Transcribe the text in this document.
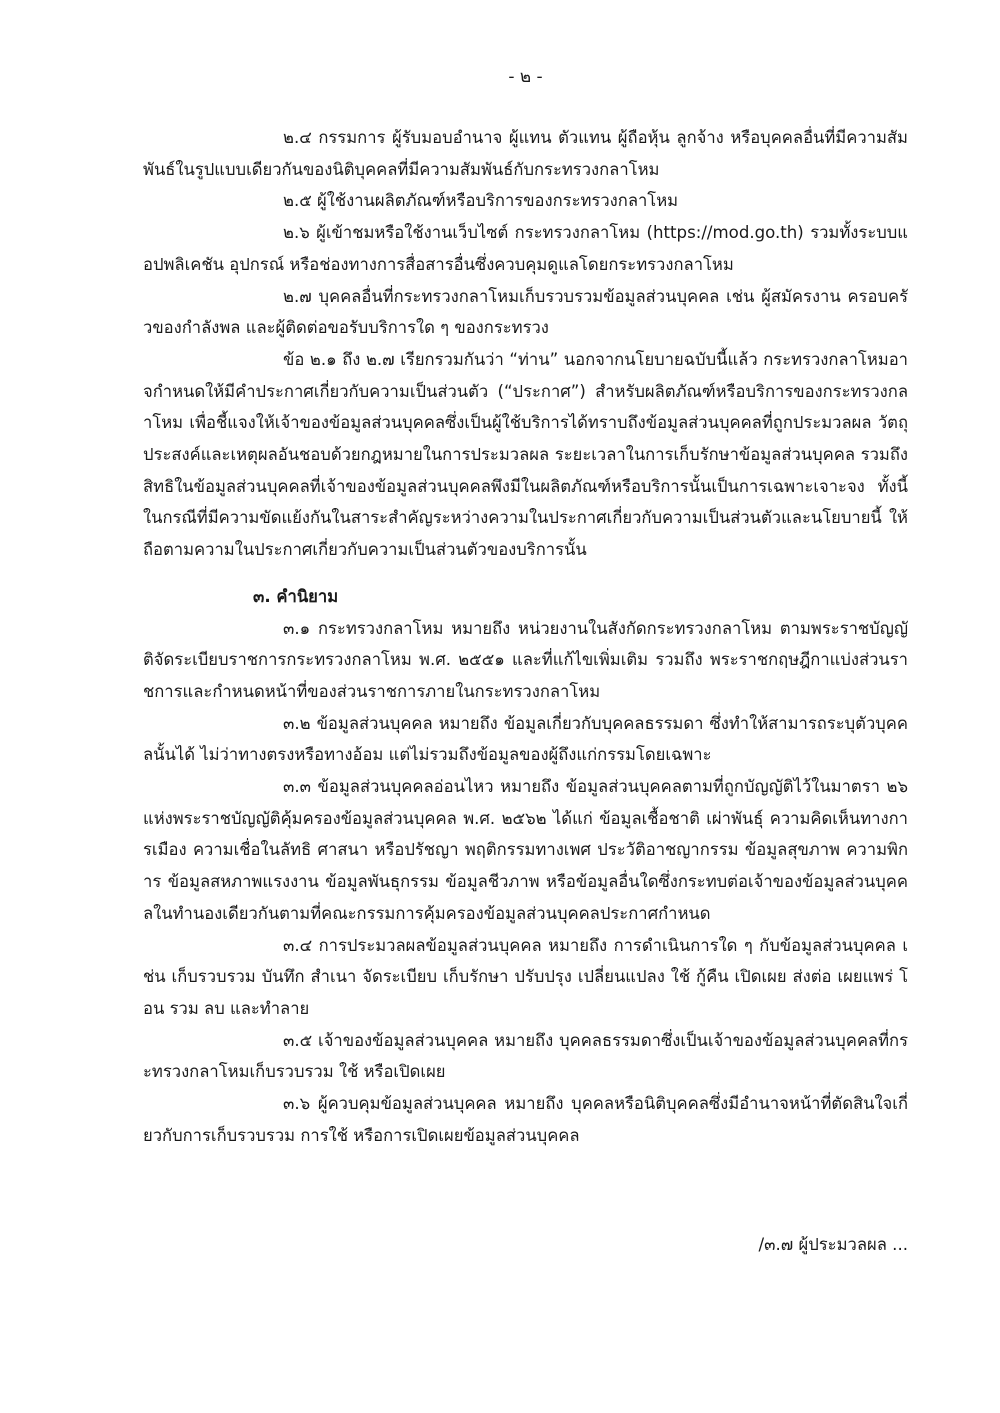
- ๒ -

๒.๔ กรรมการ ผู้รับมอบอำนาจ ผู้แทน ตัวแทน ผู้ถือหุ้น ลูกจ้าง หรือบุคคลอื่นที่มีความสัมพันธ์ในรูปแบบเดียวกันของนิติบุคคลที่มีความสัมพันธ์กับกระทรวงกลาโหม

๒.๕ ผู้ใช้งานผลิตภัณฑ์หรือบริการของกระทรวงกลาโหม

๒.๖ ผู้เข้าชมหรือใช้งานเว็บไซต์ กระทรวงกลาโหม (https://mod.go.th) รวมทั้งระบบแอปพลิเคชัน อุปกรณ์ หรือช่องทางการสื่อสารอื่นซึ่งควบคุมดูแลโดยกระทรวงกลาโหม

๒.๗ บุคคลอื่นที่กระทรวงกลาโหมเก็บรวบรวมข้อมูลส่วนบุคคล เช่น ผู้สมัครงาน ครอบครัวของกำลังพล และผู้ติดต่อขอรับบริการใด ๆ ของกระทรวง

ข้อ ๒.๑ ถึง ๒.๗ เรียกรวมกันว่า “ท่าน” นอกจากนโยบายฉบับนี้แล้ว กระทรวงกลาโหมอาจกำหนดให้มีคำประกาศเกี่ยวกับความเป็นส่วนตัว (“ประกาศ”) สำหรับผลิตภัณฑ์หรือบริการของกระทรวงกลาโหม เพื่อชี้แจงให้เจ้าของข้อมูลส่วนบุคคลซึ่งเป็นผู้ใช้บริการได้ทราบถึงข้อมูลส่วนบุคคลที่ถูกประมวลผล วัตถุประสงค์และเหตุผลอันชอบด้วยกฎหมายในการประมวลผล ระยะเวลาในการเก็บรักษาข้อมูลส่วนบุคคล รวมถึงสิทธิในข้อมูลส่วนบุคคลที่เจ้าของข้อมูลส่วนบุคคลพึงมีในผลิตภัณฑ์หรือบริการนั้นเป็นการเฉพาะเจาะจง ทั้งนี้ ในกรณีที่มีความขัดแย้งกันในสาระสำคัญระหว่างความในประกาศเกี่ยวกับความเป็นส่วนตัวและนโยบายนี้ ให้ถือตามความในประกาศเกี่ยวกับความเป็นส่วนตัวของบริการนั้น

๓. คำนิยาม

๓.๑ กระทรวงกลาโหม หมายถึง หน่วยงานในสังกัดกระทรวงกลาโหม ตามพระราชบัญญัติจัดระเบียบราชการกระทรวงกลาโหม พ.ศ. ๒๕๕๑ และที่แก้ไขเพิ่มเติม รวมถึง พระราชกฤษฎีกาแบ่งส่วนราชการและกำหนดหน้าที่ของส่วนราชการภายในกระทรวงกลาโหม

๓.๒ ข้อมูลส่วนบุคคล หมายถึง ข้อมูลเกี่ยวกับบุคคลธรรมดา ซึ่งทำให้สามารถระบุตัวบุคคลนั้นได้ ไม่ว่าทางตรงหรือทางอ้อม แต่ไม่รวมถึงข้อมูลของผู้ถึงแก่กรรมโดยเฉพาะ

๓.๓ ข้อมูลส่วนบุคคลอ่อนไหว หมายถึง ข้อมูลส่วนบุคคลตามที่ถูกบัญญัติไว้ในมาตรา ๒๖ แห่งพระราชบัญญัติคุ้มครองข้อมูลส่วนบุคคล พ.ศ. ๒๕๖๒ ได้แก่ ข้อมูลเชื้อชาติ เผ่าพันธุ์ ความคิดเห็นทางการเมือง ความเชื่อในลัทธิ ศาสนา หรือปรัชญา พฤติกรรมทางเพศ ประวัติอาชญากรรม ข้อมูลสุขภาพ ความพิการ ข้อมูลสหภาพแรงงาน ข้อมูลพันธุกรรม ข้อมูลชีวภาพ หรือข้อมูลอื่นใดซึ่งกระทบต่อเจ้าของข้อมูลส่วนบุคคลในทำนองเดียวกันตามที่คณะกรรมการคุ้มครองข้อมูลส่วนบุคคลประกาศกำหนด

๓.๔ การประมวลผลข้อมูลส่วนบุคคล หมายถึง การดำเนินการใด ๆ กับข้อมูลส่วนบุคคล เช่น เก็บรวบรวม บันทึก สำเนา จัดระเบียบ เก็บรักษา ปรับปรุง เปลี่ยนแปลง ใช้ กู้คืน เปิดเผย ส่งต่อ เผยแพร่ โอน รวม ลบ และทำลาย

๓.๕ เจ้าของข้อมูลส่วนบุคคล หมายถึง บุคคลธรรมดาซึ่งเป็นเจ้าของข้อมูลส่วนบุคคลที่กระทรวงกลาโหมเก็บรวบรวม ใช้ หรือเปิดเผย

๓.๖ ผู้ควบคุมข้อมูลส่วนบุคคล หมายถึง บุคคลหรือนิติบุคคลซึ่งมีอำนาจหน้าที่ตัดสินใจเกี่ยวกับการเก็บรวบรวม การใช้ หรือการเปิดเผยข้อมูลส่วนบุคคล

/๓.๗ ผู้ประมวลผล ...
